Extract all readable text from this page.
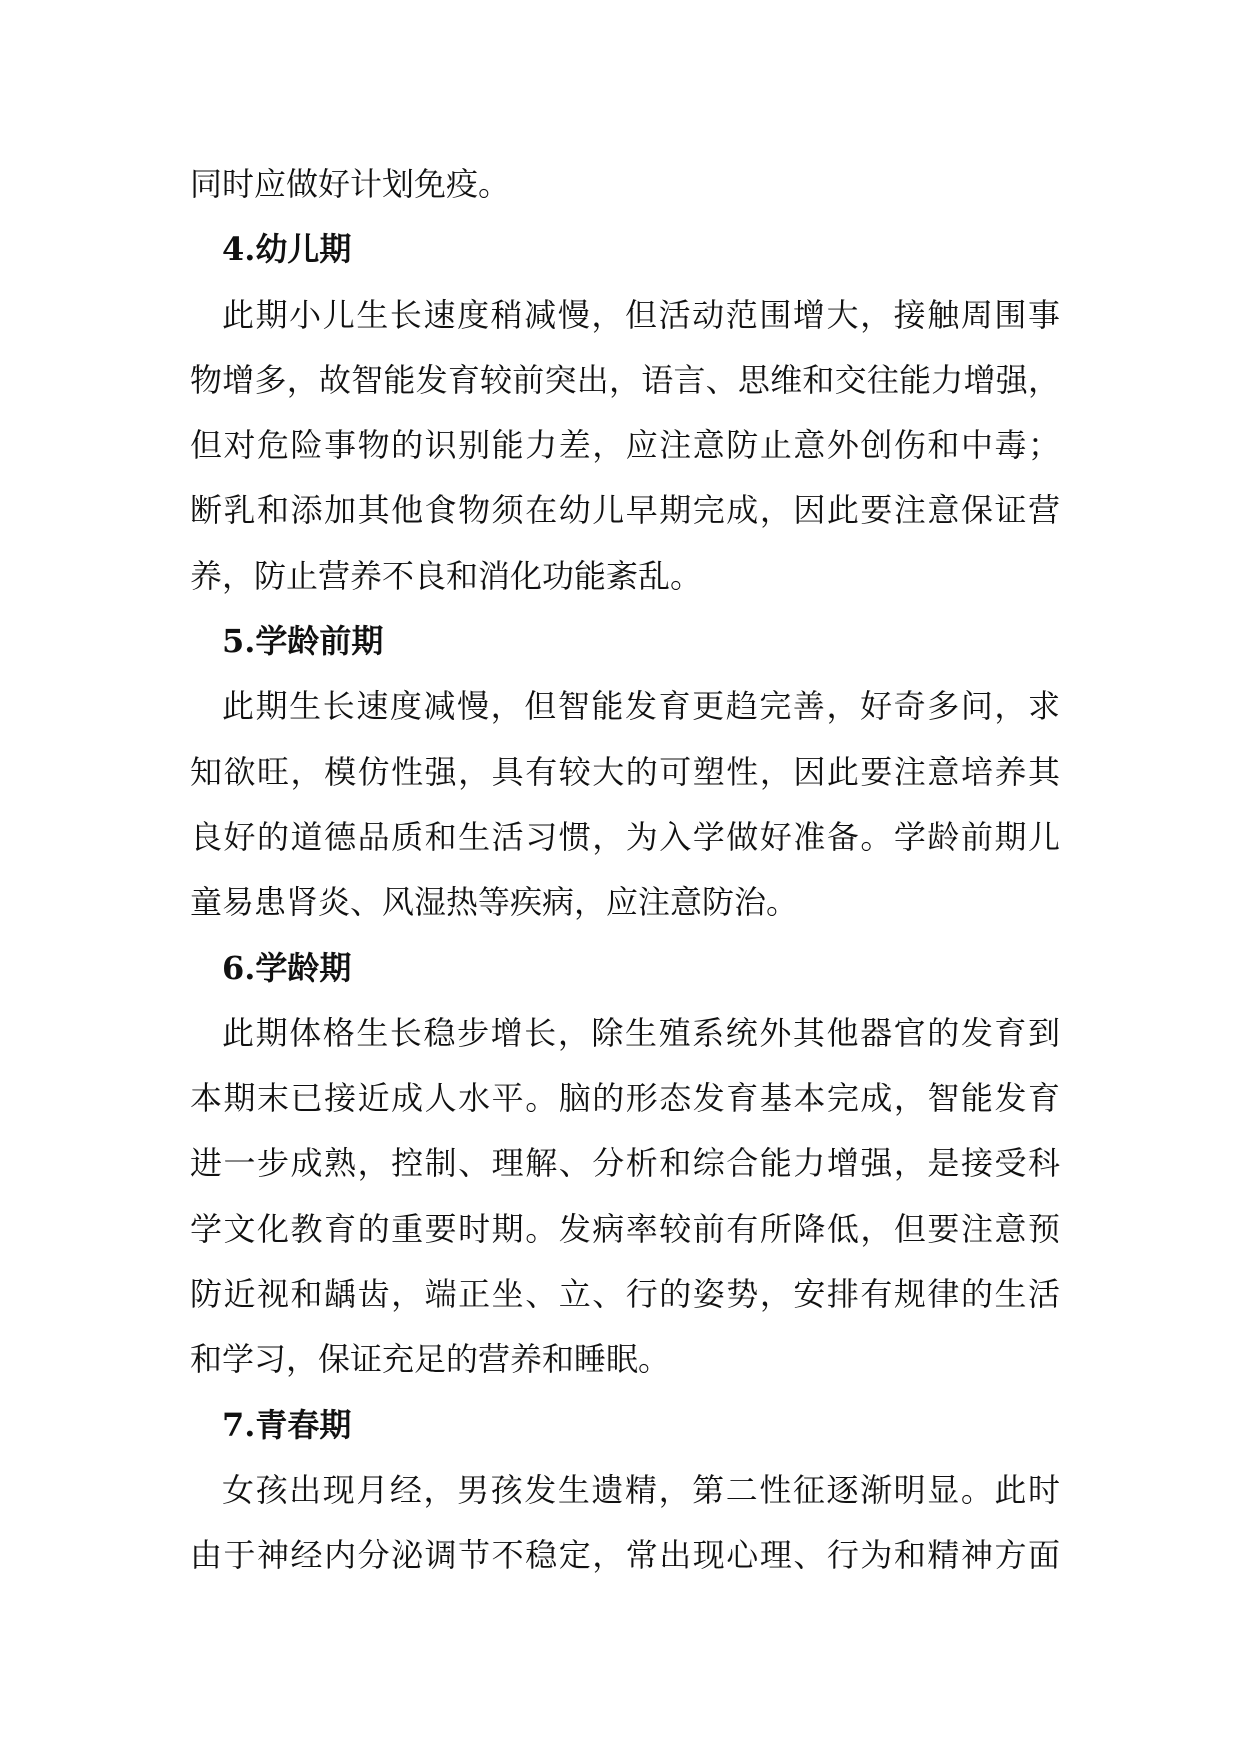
同时应做好计划免疫。
4.幼儿期
此期小儿生长速度稍减慢，但活动范围增大，接触周围事
物增多，故智能发育较前突出，语言、思维和交往能力增强，
但对危险事物的识别能力差，应注意防止意外创伤和中毒；
断乳和添加其他食物须在幼儿早期完成，因此要注意保证营
养，防止营养不良和消化功能紊乱。
5.学龄前期
此期生长速度减慢，但智能发育更趋完善，好奇多问，求
知欲旺，模仿性强，具有较大的可塑性，因此要注意培养其
良好的道德品质和生活习惯，为入学做好准备。学龄前期儿
童易患肾炎、风湿热等疾病，应注意防治。
6.学龄期
此期体格生长稳步增长，除生殖系统外其他器官的发育到
本期末已接近成人水平。脑的形态发育基本完成，智能发育
进一步成熟，控制、理解、分析和综合能力增强，是接受科
学文化教育的重要时期。发病率较前有所降低，但要注意预
防近视和龋齿，端正坐、立、行的姿势，安排有规律的生活
和学习，保证充足的营养和睡眠。
7.青春期
女孩出现月经，男孩发生遗精，第二性征逐渐明显。此时
由于神经内分泌调节不稳定，常出现心理、行为和精神方面
